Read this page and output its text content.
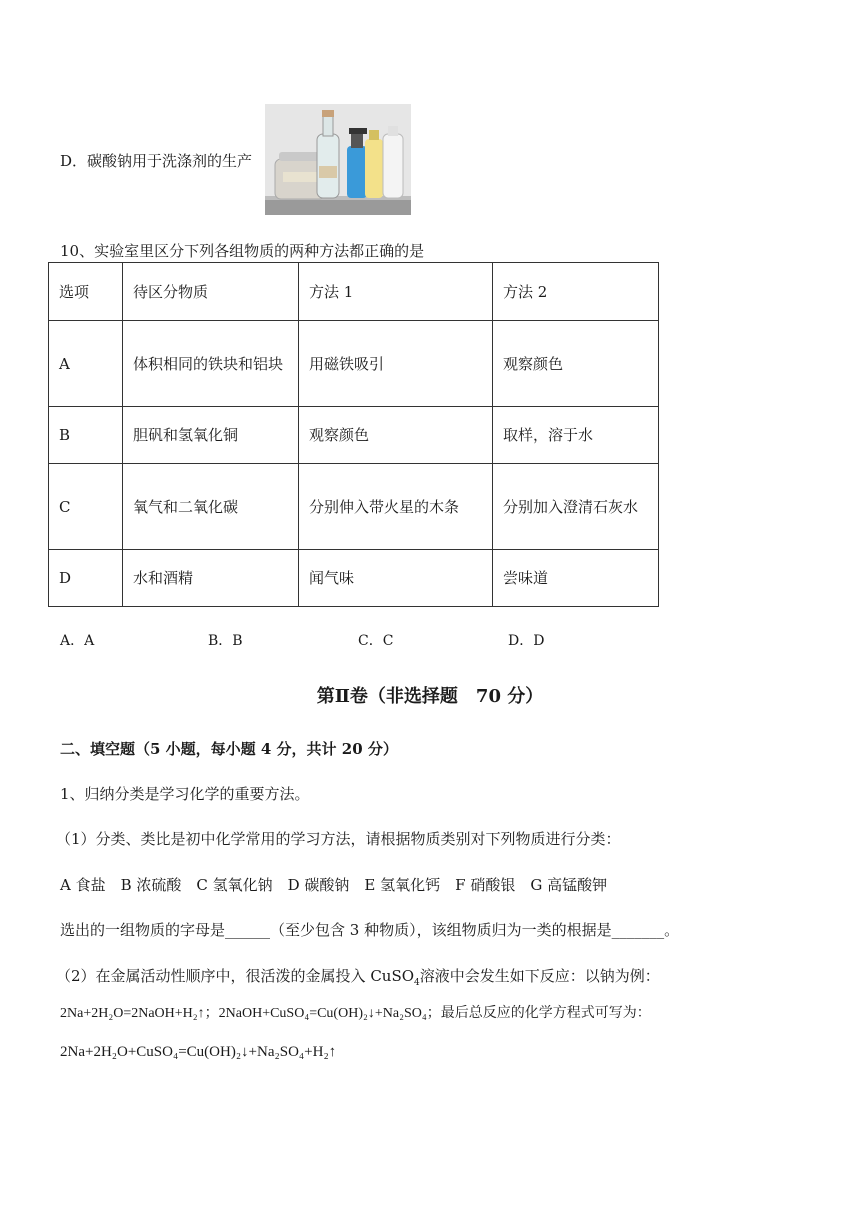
D．碳酸钠用于洗涤剂的生产
10、实验室里区分下列各组物质的两种方法都正确的是
选项	待区分物质	方法 1	方法 2
A	体积相同的铁块和铝块	用磁铁吸引	观察颜色
B	胆矾和氢氧化铜	观察颜色	取样，溶于水
C	氧气和二氧化碳	分别伸入带火星的木条	分别加入澄清石灰水
D	水和酒精	闻气味	尝味道
A．A	B．B	C．C	D．D
第Ⅱ卷（非选择题　70 分）
二、填空题（5 小题，每小题 4 分，共计 20 分）
1、归纳分类是学习化学的重要方法。
（1）分类、类比是初中化学常用的学习方法，请根据物质类别对下列物质进行分类：
A 食盐　B 浓硫酸　C 氢氧化钠　D 碳酸钠　E 氢氧化钙　F 硝酸银　G 高锰酸钾
选出的一组物质的字母是______（至少包含 3 种物质），该组物质归为一类的根据是_______。
（2）在金属活动性顺序中，很活泼的金属投入 CuSO$_4$溶液中会发生如下反应：以钠为例：
2Na+2H₂O=2NaOH+H₂↑；2NaOH+CuSO₄=Cu(OH)₂↓+Na₂SO₄；最后总反应的化学方程式可写为：
2Na+2H₂O+CuSO₄=Cu(OH)₂↓+Na₂SO₄+H₂↑
